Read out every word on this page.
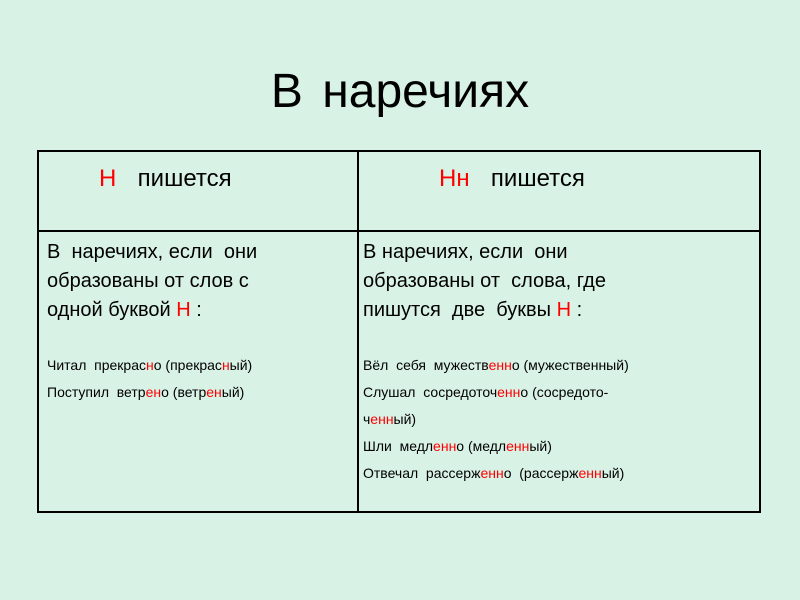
В наречиях
Н  пишется	Нн  пишется
В  наречиях, если  они
образованы от слов с
одной буквой Н :
Читал  прекрасно (прекрасный)
Поступил  ветрено (ветреный)
В наречиях, если  они
образованы от  слова, где
пишутся  две  буквы Н :
Вёл  себя  мужественно (мужественный)
Слушал  сосредоточенно (сосредото-
ченный)
Шли  медленно (медленный)
Отвечал  рассерженно  (рассерженный)
